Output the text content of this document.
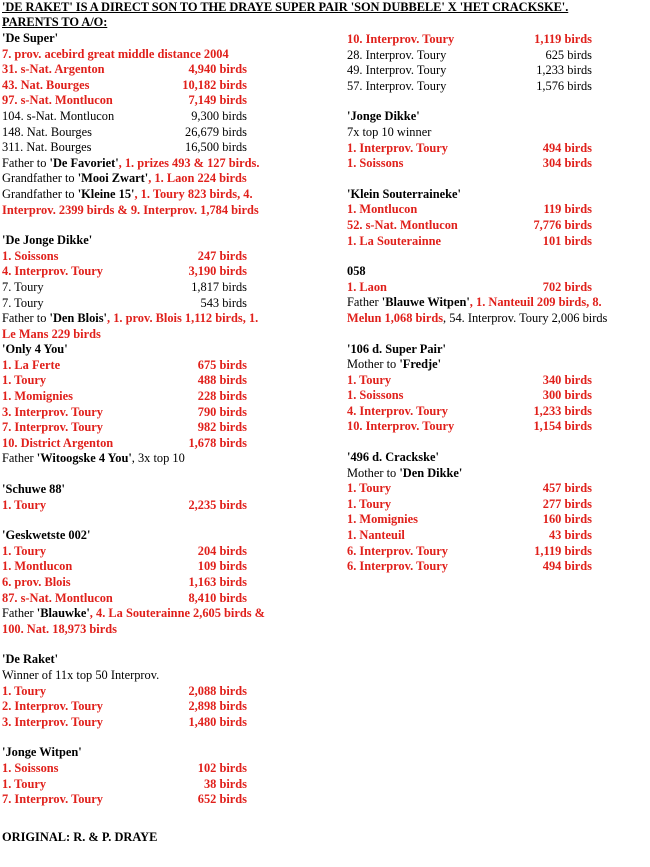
'DE RAKET' IS A DIRECT SON TO THE DRAYE SUPER PAIR 'SON DUBBELE' X 'HET CRACKSKE'.
PARENTS TO A/O:
'De Super'
7. prov. acebird great middle distance 2004
31. s-Nat. Argenton	4,940 birds
43. Nat. Bourges	10,182 birds
97. s-Nat. Montlucon	7,149 birds
104. s-Nat. Montlucon	9,300 birds
148. Nat. Bourges	26,679 birds
311. Nat. Bourges	16,500 birds
Father to 'De Favoriet', 1. prizes 493 & 127 birds.
Grandfather to 'Mooi Zwart', 1. Laon 224 birds
Grandfather to 'Kleine 15', 1. Toury 823 birds, 4.
Interprov. 2399 birds & 9. Interprov. 1,784 birds
'De Jonge Dikke'
1. Soissons	247 birds
4. Interprov. Toury	3,190 birds
7. Toury	1,817 birds
7. Toury	543 birds
Father to 'Den Blois', 1. prov. Blois 1,112 birds, 1.
Le Mans 229 birds
'Only 4 You'
1. La Ferte	675 birds
1. Toury	488 birds
1. Momignies	228 birds
3. Interprov. Toury	790 birds
7. Interprov. Toury	982 birds
10. District Argenton	1,678 birds
Father 'Witoogske 4 You', 3x top 10
'Schuwe 88'
1. Toury	2,235 birds
'Geskwetste 002'
1. Toury	204 birds
1. Montlucon	109 birds
6. prov. Blois	1,163 birds
87. s-Nat. Montlucon	8,410 birds
Father 'Blauwke', 4. La Souterainne 2,605 birds &
100. Nat. 18,973 birds
'De Raket'
Winner of 11x top 50 Interprov.
1. Toury	2,088 birds
2. Interprov. Toury	2,898 birds
3. Interprov. Toury	1,480 birds
'Jonge Witpen'
1. Soissons	102 birds
1. Toury	38 birds
7. Interprov. Toury	652 birds
ORIGINAL: R. & P. DRAYE
10. Interprov. Toury	1,119 birds
28. Interprov. Toury	625 birds
49. Interprov. Toury	1,233 birds
57. Interprov. Toury	1,576 birds
'Jonge Dikke'
7x top 10 winner
1. Interprov. Toury	494 birds
1. Soissons	304 birds
'Klein Souterraineke'
1. Montlucon	119 birds
52. s-Nat. Montlucon	7,776 birds
1. La Souterainne	101 birds
058
1. Laon	702 birds
Father 'Blauwe Witpen', 1. Nanteuil 209 birds, 8.
Melun 1,068 birds, 54. Interprov. Toury 2,006 birds
'106 d. Super Pair'
Mother to 'Fredje'
1. Toury	340 birds
1. Soissons	300 birds
4. Interprov. Toury	1,233 birds
10. Interprov. Toury	1,154 birds
'496 d. Crackske'
Mother to 'Den Dikke'
1. Toury	457 birds
1. Toury	277 birds
1. Momignies	160 birds
1. Nanteuil	43 birds
6. Interprov. Toury	1,119 birds
6. Interprov. Toury	494 birds
